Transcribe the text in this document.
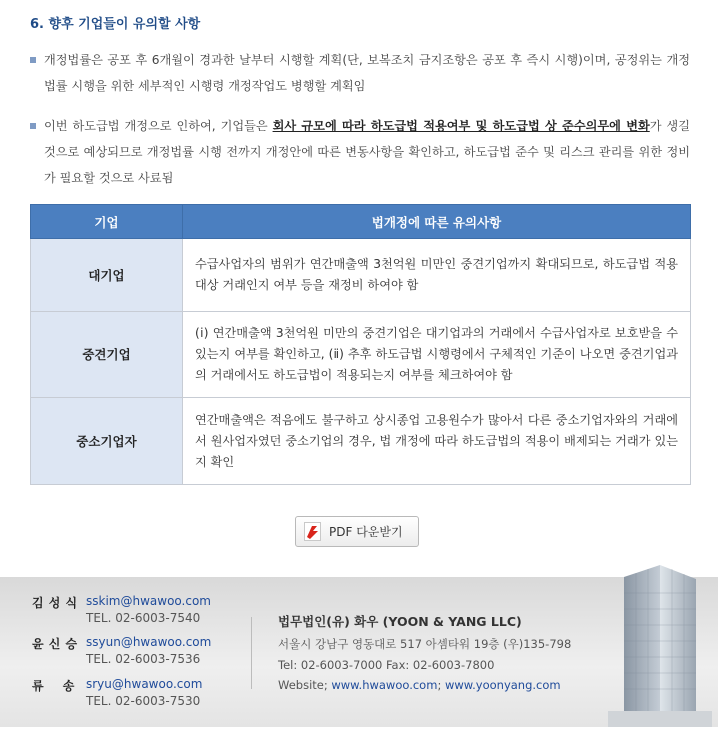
6. 향후 기업들이 유의할 사항
개정법률은 공포 후 6개월이 경과한 날부터 시행할 계획(단, 보복조치 금지조항은 공포 후 즉시 시행)이며, 공정위는 개정법률 시행을 위한 세부적인 시행령 개정작업도 병행할 계획임
이번 하도급법 개정으로 인하여, 기업들은 회사 규모에 따라 하도급법 적용여부 및 하도급법 상 준수의무에 변화가 생길 것으로 예상되므로 개정법률 시행 전까지 개정안에 따른 변동사항을 확인하고, 하도급법 준수 및 리스크 관리를 위한 정비가 필요할 것으로 사료됨
기업	법개정에 따른 유의사항
대기업	수급사업자의 범위가 연간매출액 3천억원 미만인 중견기업까지 확대되므로, 하도급법 적용대상 거래인지 여부 등을 재정비 하여야 함
중견기업	(ⅰ) 연간매출액 3천억원 미만의 중견기업은 대기업과의 거래에서 수급사업자로 보호받을 수 있는지 여부를 확인하고, (ⅱ) 추후 하도급법 시행령에서 구체적인 기준이 나오면 중견기업과의 거래에서도 하도급법이 적용되는지 여부를 체크하여야 함
중소기업자	연간매출액은 적음에도 불구하고 상시종업 고용원수가 많아서 다른 중소기업자와의 거래에서 원사업자였던 중소기업의 경우, 법 개정에 따라 하도급법의 적용이 배제되는 거래가 있는지 확인
PDF 다운받기
김 성 식 sskim@hwawoo.com
TEL. 02-6003-7540
윤 신 승 ssyun@hwawoo.com
TEL. 02-6003-7536
류    송 sryu@hwawoo.com
TEL. 02-6003-7530
법무법인(유) 화우 (YOON & YANG LLC)
서울시 강남구 영동대로 517 아셈타워 19층 (우)135-798
Tel: 02-6003-7000 Fax: 02-6003-7800
Website; www.hwawoo.com; www.yoonyang.com
